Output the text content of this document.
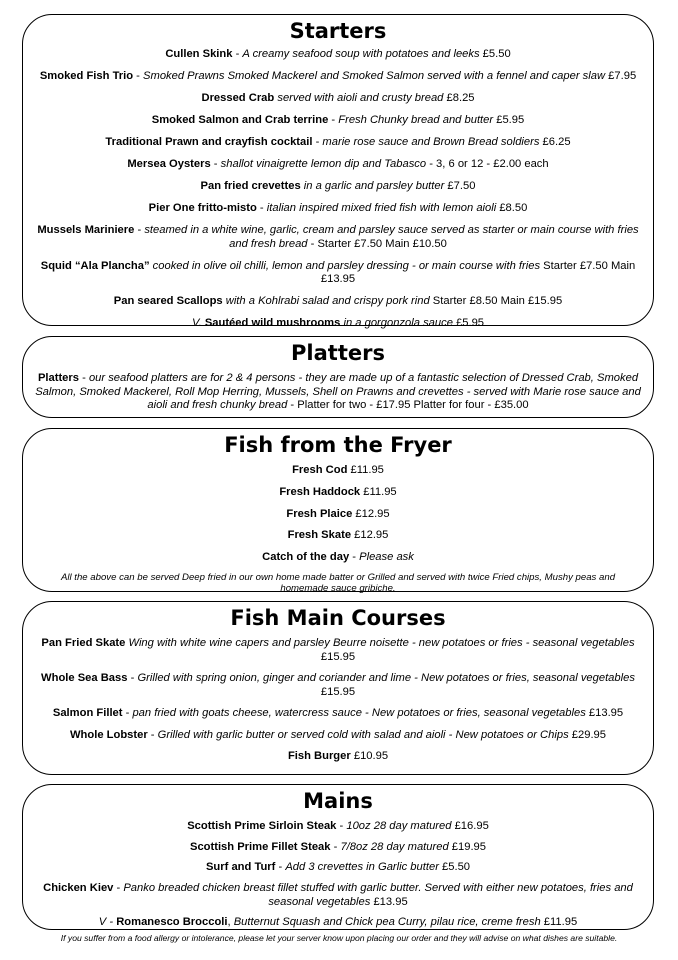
Starters

Cullen Skink - A creamy seafood soup with potatoes and leeks £5.50

Smoked Fish Trio - Smoked Prawns Smoked Mackerel and Smoked Salmon served with a fennel and caper slaw £7.95

Dressed Crab served with aioli and crusty bread £8.25

Smoked Salmon and Crab terrine - Fresh Chunky bread and butter £5.95

Traditional Prawn and crayfish cocktail - marie rose sauce and Brown Bread soldiers £6.25

Mersea Oysters - shallot vinaigrette lemon dip and Tabasco - 3, 6 or 12 - £2.00 each

Pan fried crevettes in a garlic and parsley butter £7.50

Pier One fritto-misto - italian inspired mixed fried fish with lemon aioli £8.50

Mussels Mariniere - steamed in a white wine, garlic, cream and parsley sauce served as starter or main course with fries and fresh bread - Starter £7.50 Main £10.50

Squid “Ala Plancha” cooked in olive oil chilli, lemon and parsley dressing - or main course with fries Starter £7.50 Main £13.95

Pan seared Scallops with a Kohlrabi salad and crispy pork rind Starter £8.50 Main £15.95

V. Sautéed wild mushrooms in a gorgonzola sauce £5.95

Platters

Platters - our seafood platters are for 2 & 4 persons - they are made up of a fantastic selection of Dressed Crab, Smoked Salmon, Smoked Mackerel, Roll Mop Herring, Mussels, Shell on Prawns and crevettes - served with Marie rose sauce and aioli and fresh chunky bread - Platter for two - £17.95 Platter for four - £35.00

Fish from the Fryer

Fresh Cod £11.95

Fresh Haddock £11.95

Fresh Plaice £12.95

Fresh Skate £12.95

Catch of the day - Please ask

All the above can be served Deep fried in our own home made batter or Grilled and served with twice Fried chips, Mushy peas and homemade sauce gribiche.

Fish Main Courses

Pan Fried Skate Wing with white wine capers and parsley Beurre noisette - new potatoes or fries - seasonal vegetables £15.95

Whole Sea Bass - Grilled with spring onion, ginger and coriander and lime - New potatoes or fries, seasonal vegetables £15.95

Salmon Fillet - pan fried with goats cheese, watercress sauce - New potatoes or fries, seasonal vegetables £13.95

Whole Lobster - Grilled with garlic butter or served cold with salad and aioli - New potatoes or Chips £29.95

Fish Burger £10.95

Mains

Scottish Prime Sirloin Steak - 10oz 28 day matured £16.95

Scottish Prime Fillet Steak - 7/8oz 28 day matured £19.95

Surf and Turf - Add 3 crevettes in Garlic butter £5.50

Chicken Kiev - Panko breaded chicken breast fillet stuffed with garlic butter. Served with either new potatoes, fries and seasonal vegetables £13.95

V - Romanesco Broccoli, Butternut Squash and Chick pea Curry, pilau rice, creme fresh £11.95

If you suffer from a food allergy or intolerance, please let your server know upon placing our order and they will advise on what dishes are suitable.
